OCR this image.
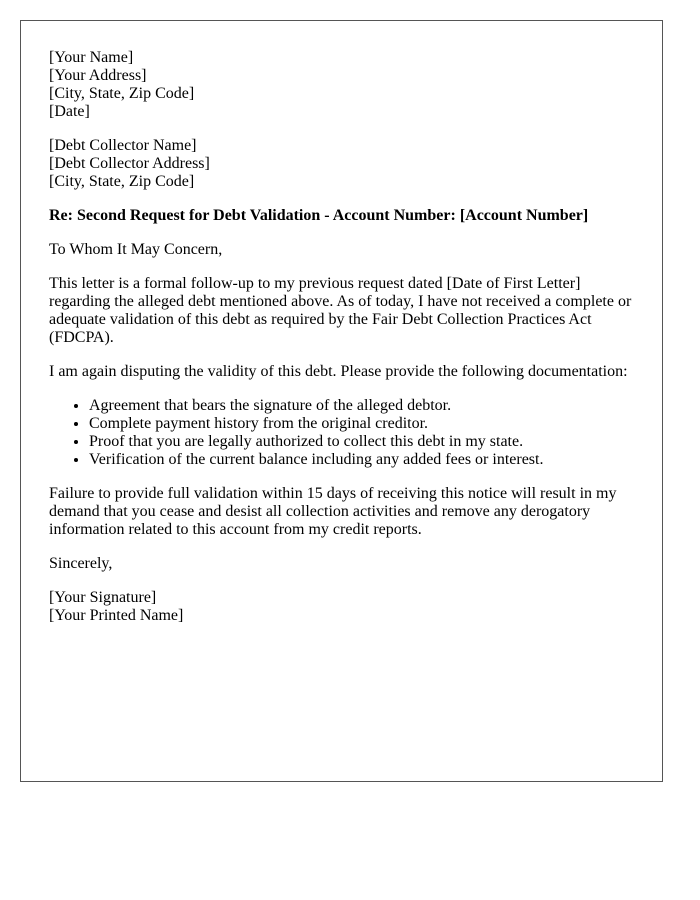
[Your Name]
[Your Address]
[City, State, Zip Code]
[Date]

[Debt Collector Name]
[Debt Collector Address]
[City, State, Zip Code]

Re: Second Request for Debt Validation - Account Number: [Account Number]

To Whom It May Concern,

This letter is a formal follow-up to my previous request dated [Date of First Letter] regarding the alleged debt mentioned above. As of today, I have not received a complete or adequate validation of this debt as required by the Fair Debt Collection Practices Act (FDCPA).

I am again disputing the validity of this debt. Please provide the following documentation:

• Agreement that bears the signature of the alleged debtor.
• Complete payment history from the original creditor.
• Proof that you are legally authorized to collect this debt in my state.
• Verification of the current balance including any added fees or interest.

Failure to provide full validation within 15 days of receiving this notice will result in my demand that you cease and desist all collection activities and remove any derogatory information related to this account from my credit reports.

Sincerely,

[Your Signature]
[Your Printed Name]
